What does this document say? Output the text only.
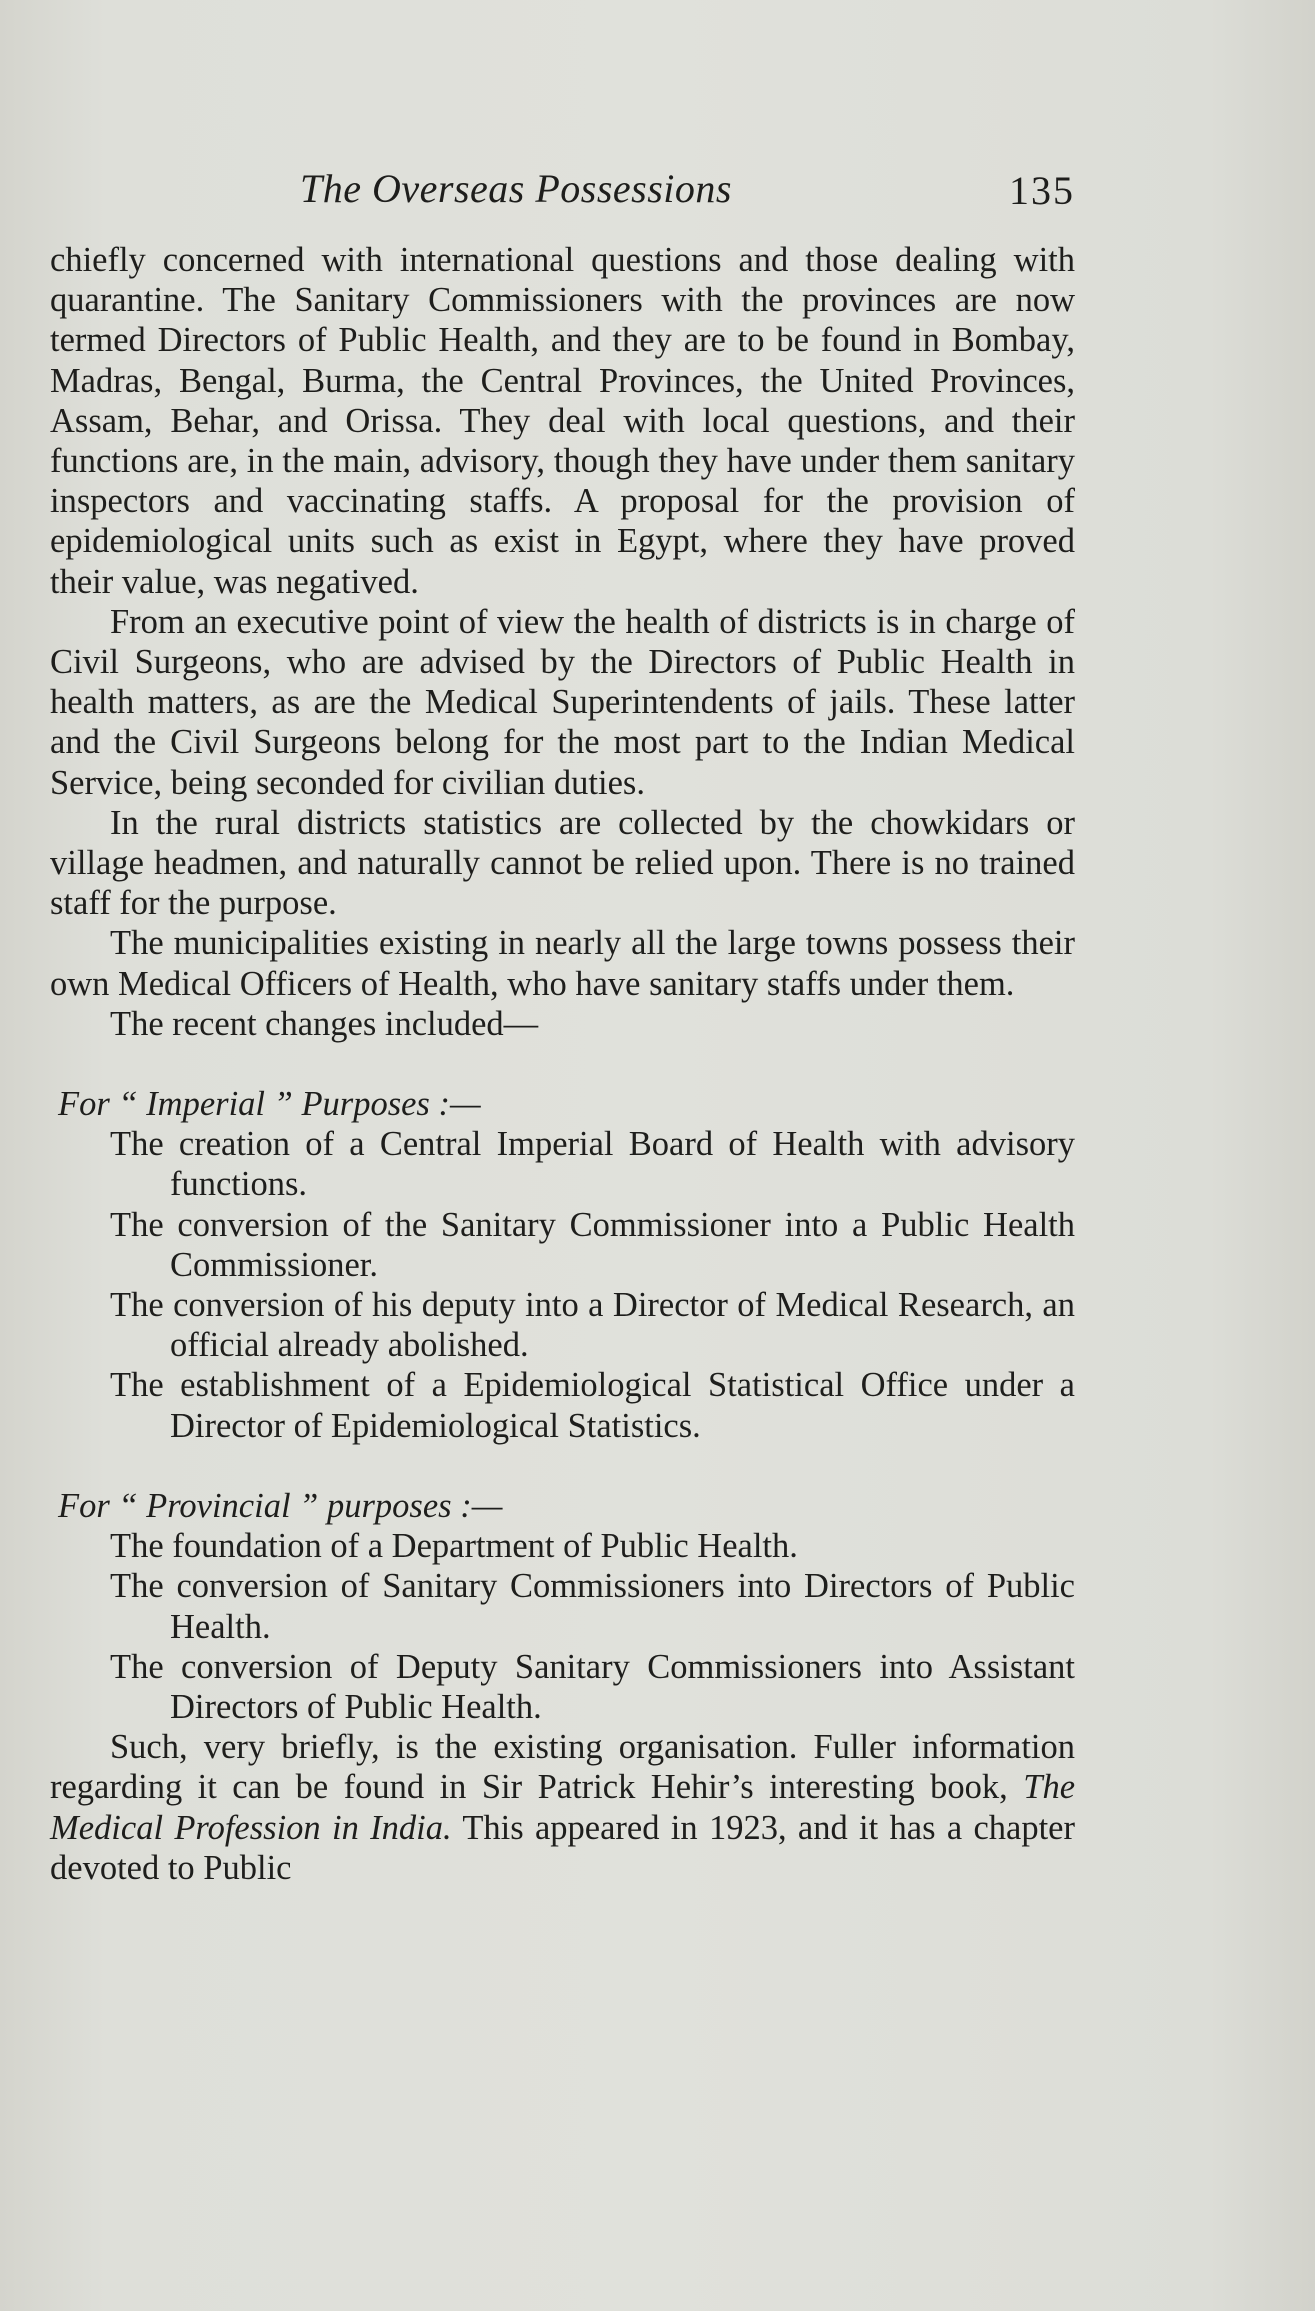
The Overseas Possessions	135

chiefly concerned with international questions and those dealing with quarantine. The Sanitary Commissioners with the provinces are now termed Directors of Public Health, and they are to be found in Bombay, Madras, Bengal, Burma, the Central Provinces, the United Provinces, Assam, Behar, and Orissa. They deal with local questions, and their functions are, in the main, advisory, though they have under them sanitary inspectors and vaccinating staffs. A proposal for the provision of epidemiological units such as exist in Egypt, where they have proved their value, was negatived.

From an executive point of view the health of districts is in charge of Civil Surgeons, who are advised by the Directors of Public Health in health matters, as are the Medical Superintendents of jails. These latter and the Civil Surgeons belong for the most part to the Indian Medical Service, being seconded for civilian duties.

In the rural districts statistics are collected by the chowkidars or village headmen, and naturally cannot be relied upon. There is no trained staff for the purpose.

The municipalities existing in nearly all the large towns possess their own Medical Officers of Health, who have sanitary staffs under them.

The recent changes included—

For “ Imperial ” Purposes :—

The creation of a Central Imperial Board of Health with advisory functions.
The conversion of the Sanitary Commissioner into a Public Health Commissioner.
The conversion of his deputy into a Director of Medical Research, an official already abolished.
The establishment of a Epidemiological Statistical Office under a Director of Epidemiological Statistics.

For “ Provincial ” purposes :—

The foundation of a Department of Public Health.
The conversion of Sanitary Commissioners into Directors of Public Health.
The conversion of Deputy Sanitary Commissioners into Assistant Directors of Public Health.

Such, very briefly, is the existing organisation. Fuller information regarding it can be found in Sir Patrick Hehir’s interesting book, The Medical Profession in India. This appeared in 1923, and it has a chapter devoted to Public
